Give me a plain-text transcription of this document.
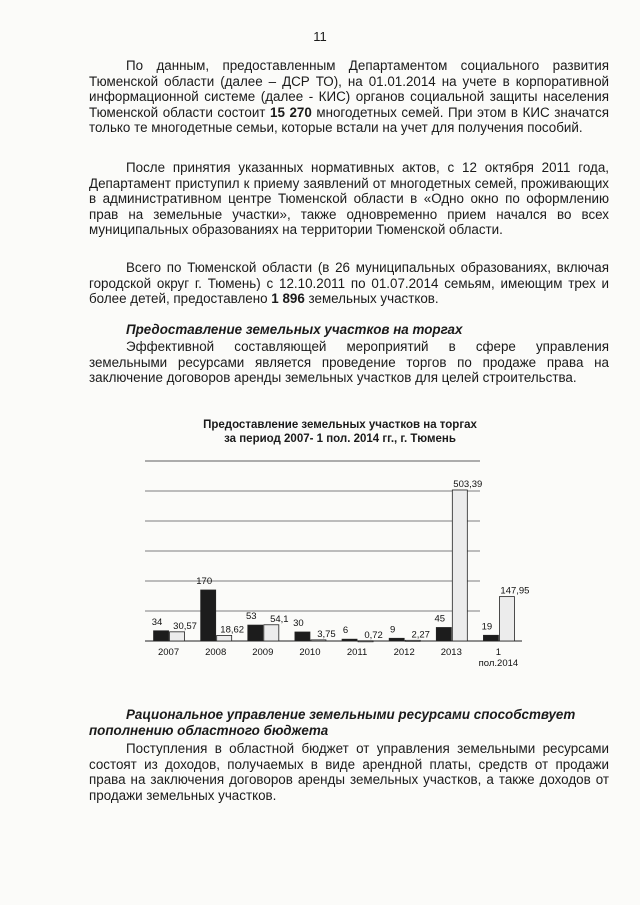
11

По данным, предоставленным Департаментом социального развития Тюменской области (далее – ДСР ТО), на 01.01.2014 на учете в корпоративной информационной системе (далее - КИС) органов социальной защиты населения Тюменской области состоит 15 270 многодетных семей. При этом в КИС значатся только те многодетные семьи, которые встали на учет для получения пособий.

После принятия указанных нормативных актов, с 12 октября 2011 года, Департамент приступил к приему заявлений от многодетных семей, проживающих в административном центре Тюменской области в «Одно окно по оформлению прав на земельные участки», также одновременно прием начался во всех муниципальных образованиях на территории Тюменской области.

Всего по Тюменской области (в 26 муниципальных образованиях, включая городской округ г. Тюмень) с 12.10.2011 по 01.07.2014 семьям, имеющим трех и более детей, предоставлено 1 896 земельных участков.

Предоставление земельных участков на торгах

Эффективной составляющей мероприятий в сфере управления земельными ресурсами является проведение торгов по продаже права на заключение договоров аренды земельных участков для целей строительства.

Предоставление земельных участков на торгах
за период 2007- 1 пол. 2014 гг., г. Тюмень
34 30,57
2007
170
18,62
2008
53 54,1
2009
30
3,75
2010
6 0,72
2011
9 2,27
2012
45
503,39
2013
19
147,95
1
пол.2014

Рациональное управление земельными ресурсами способствует пополнению областного бюджета

Поступления в областной бюджет от управления земельными ресурсами состоят из доходов, получаемых в виде арендной платы, средств от продажи права на заключения договоров аренды земельных участков, а также доходов от продажи земельных участков.
